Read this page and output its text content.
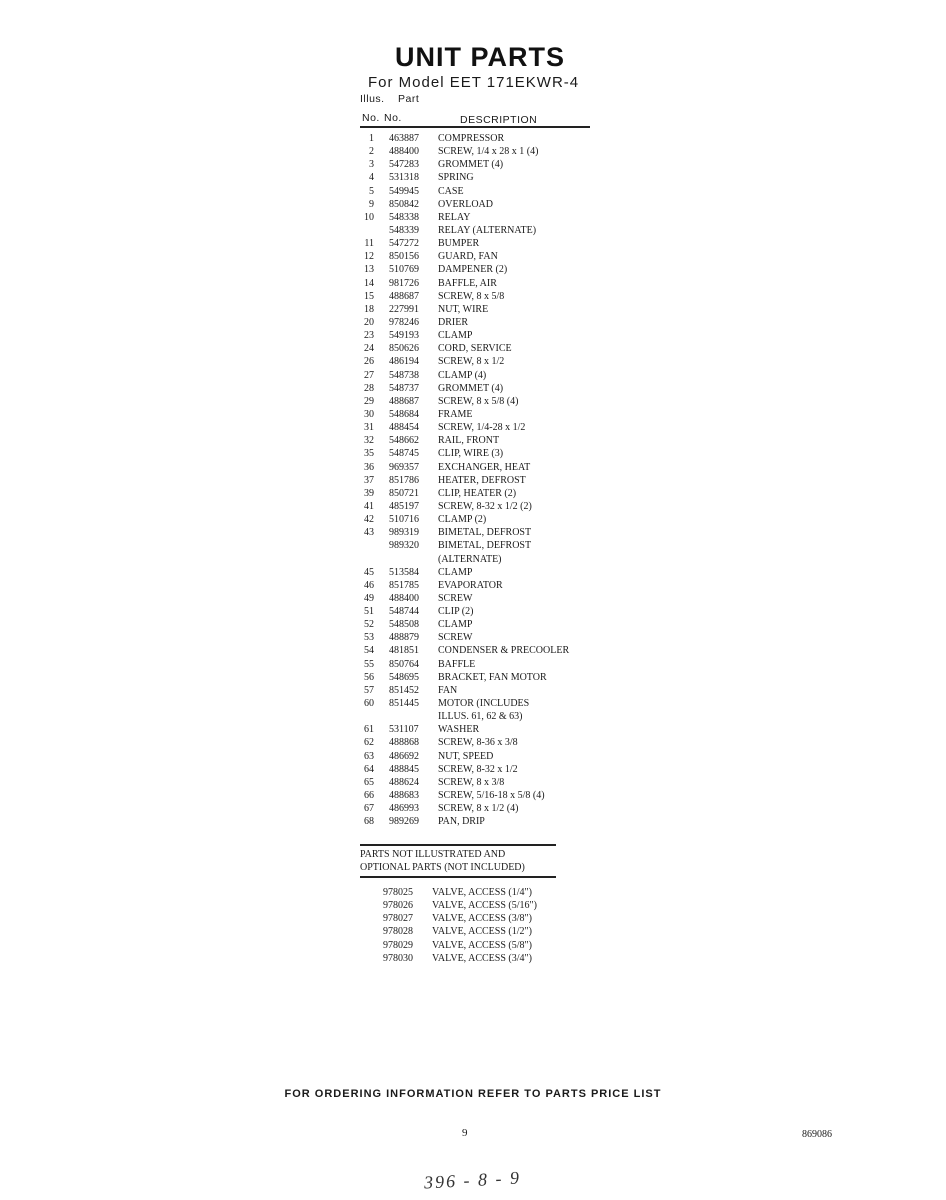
UNIT PARTS
For Model EET 171EKWR-4
Illus. Part
No. No.	DESCRIPTION
1 463887 COMPRESSOR
2 488400 SCREW, 1/4 x 28 x 1 (4)
3 547283 GROMMET (4)
4 531318 SPRING
5 549945 CASE
9 850842 OVERLOAD
10 548338 RELAY
548339 RELAY (ALTERNATE)
11 547272 BUMPER
12 850156 GUARD, FAN
13 510769 DAMPENER (2)
14 981726 BAFFLE, AIR
15 488687 SCREW, 8 x 5/8
18 227991 NUT, WIRE
20 978246 DRIER
23 549193 CLAMP
24 850626 CORD, SERVICE
26 486194 SCREW, 8 x 1/2
27 548738 CLAMP (4)
28 548737 GROMMET (4)
29 488687 SCREW, 8 x 5/8 (4)
30 548684 FRAME
31 488454 SCREW, 1/4-28 x 1/2
32 548662 RAIL, FRONT
35 548745 CLIP, WIRE (3)
36 969357 EXCHANGER, HEAT
37 851786 HEATER, DEFROST
39 850721 CLIP, HEATER (2)
41 485197 SCREW, 8-32 x 1/2 (2)
42 510716 CLAMP (2)
43 989319 BIMETAL, DEFROST
989320 BIMETAL, DEFROST
(ALTERNATE)
45 513584 CLAMP
46 851785 EVAPORATOR
49 488400 SCREW
51 548744 CLIP (2)
52 548508 CLAMP
53 488879 SCREW
54 481851 CONDENSER & PRECOOLER
55 850764 BAFFLE
56 548695 BRACKET, FAN MOTOR
57 851452 FAN
60 851445 MOTOR (INCLUDES
ILLUS. 61, 62 & 63)
61 531107 WASHER
62 488868 SCREW, 8-36 x 3/8
63 486692 NUT, SPEED
64 488845 SCREW, 8-32 x 1/2
65 488624 SCREW, 8 x 3/8
66 488683 SCREW, 5/16-18 x 5/8 (4)
67 486993 SCREW, 8 x 1/2 (4)
68 989269 PAN, DRIP
PARTS NOT ILLUSTRATED AND
OPTIONAL PARTS (NOT INCLUDED)
978025 VALVE, ACCESS (1/4")
978026 VALVE, ACCESS (5/16")
978027 VALVE, ACCESS (3/8")
978028 VALVE, ACCESS (1/2")
978029 VALVE, ACCESS (5/8")
978030 VALVE, ACCESS (3/4")
FOR ORDERING INFORMATION REFER TO PARTS PRICE LIST
9	869086
396 - 8 - 9
